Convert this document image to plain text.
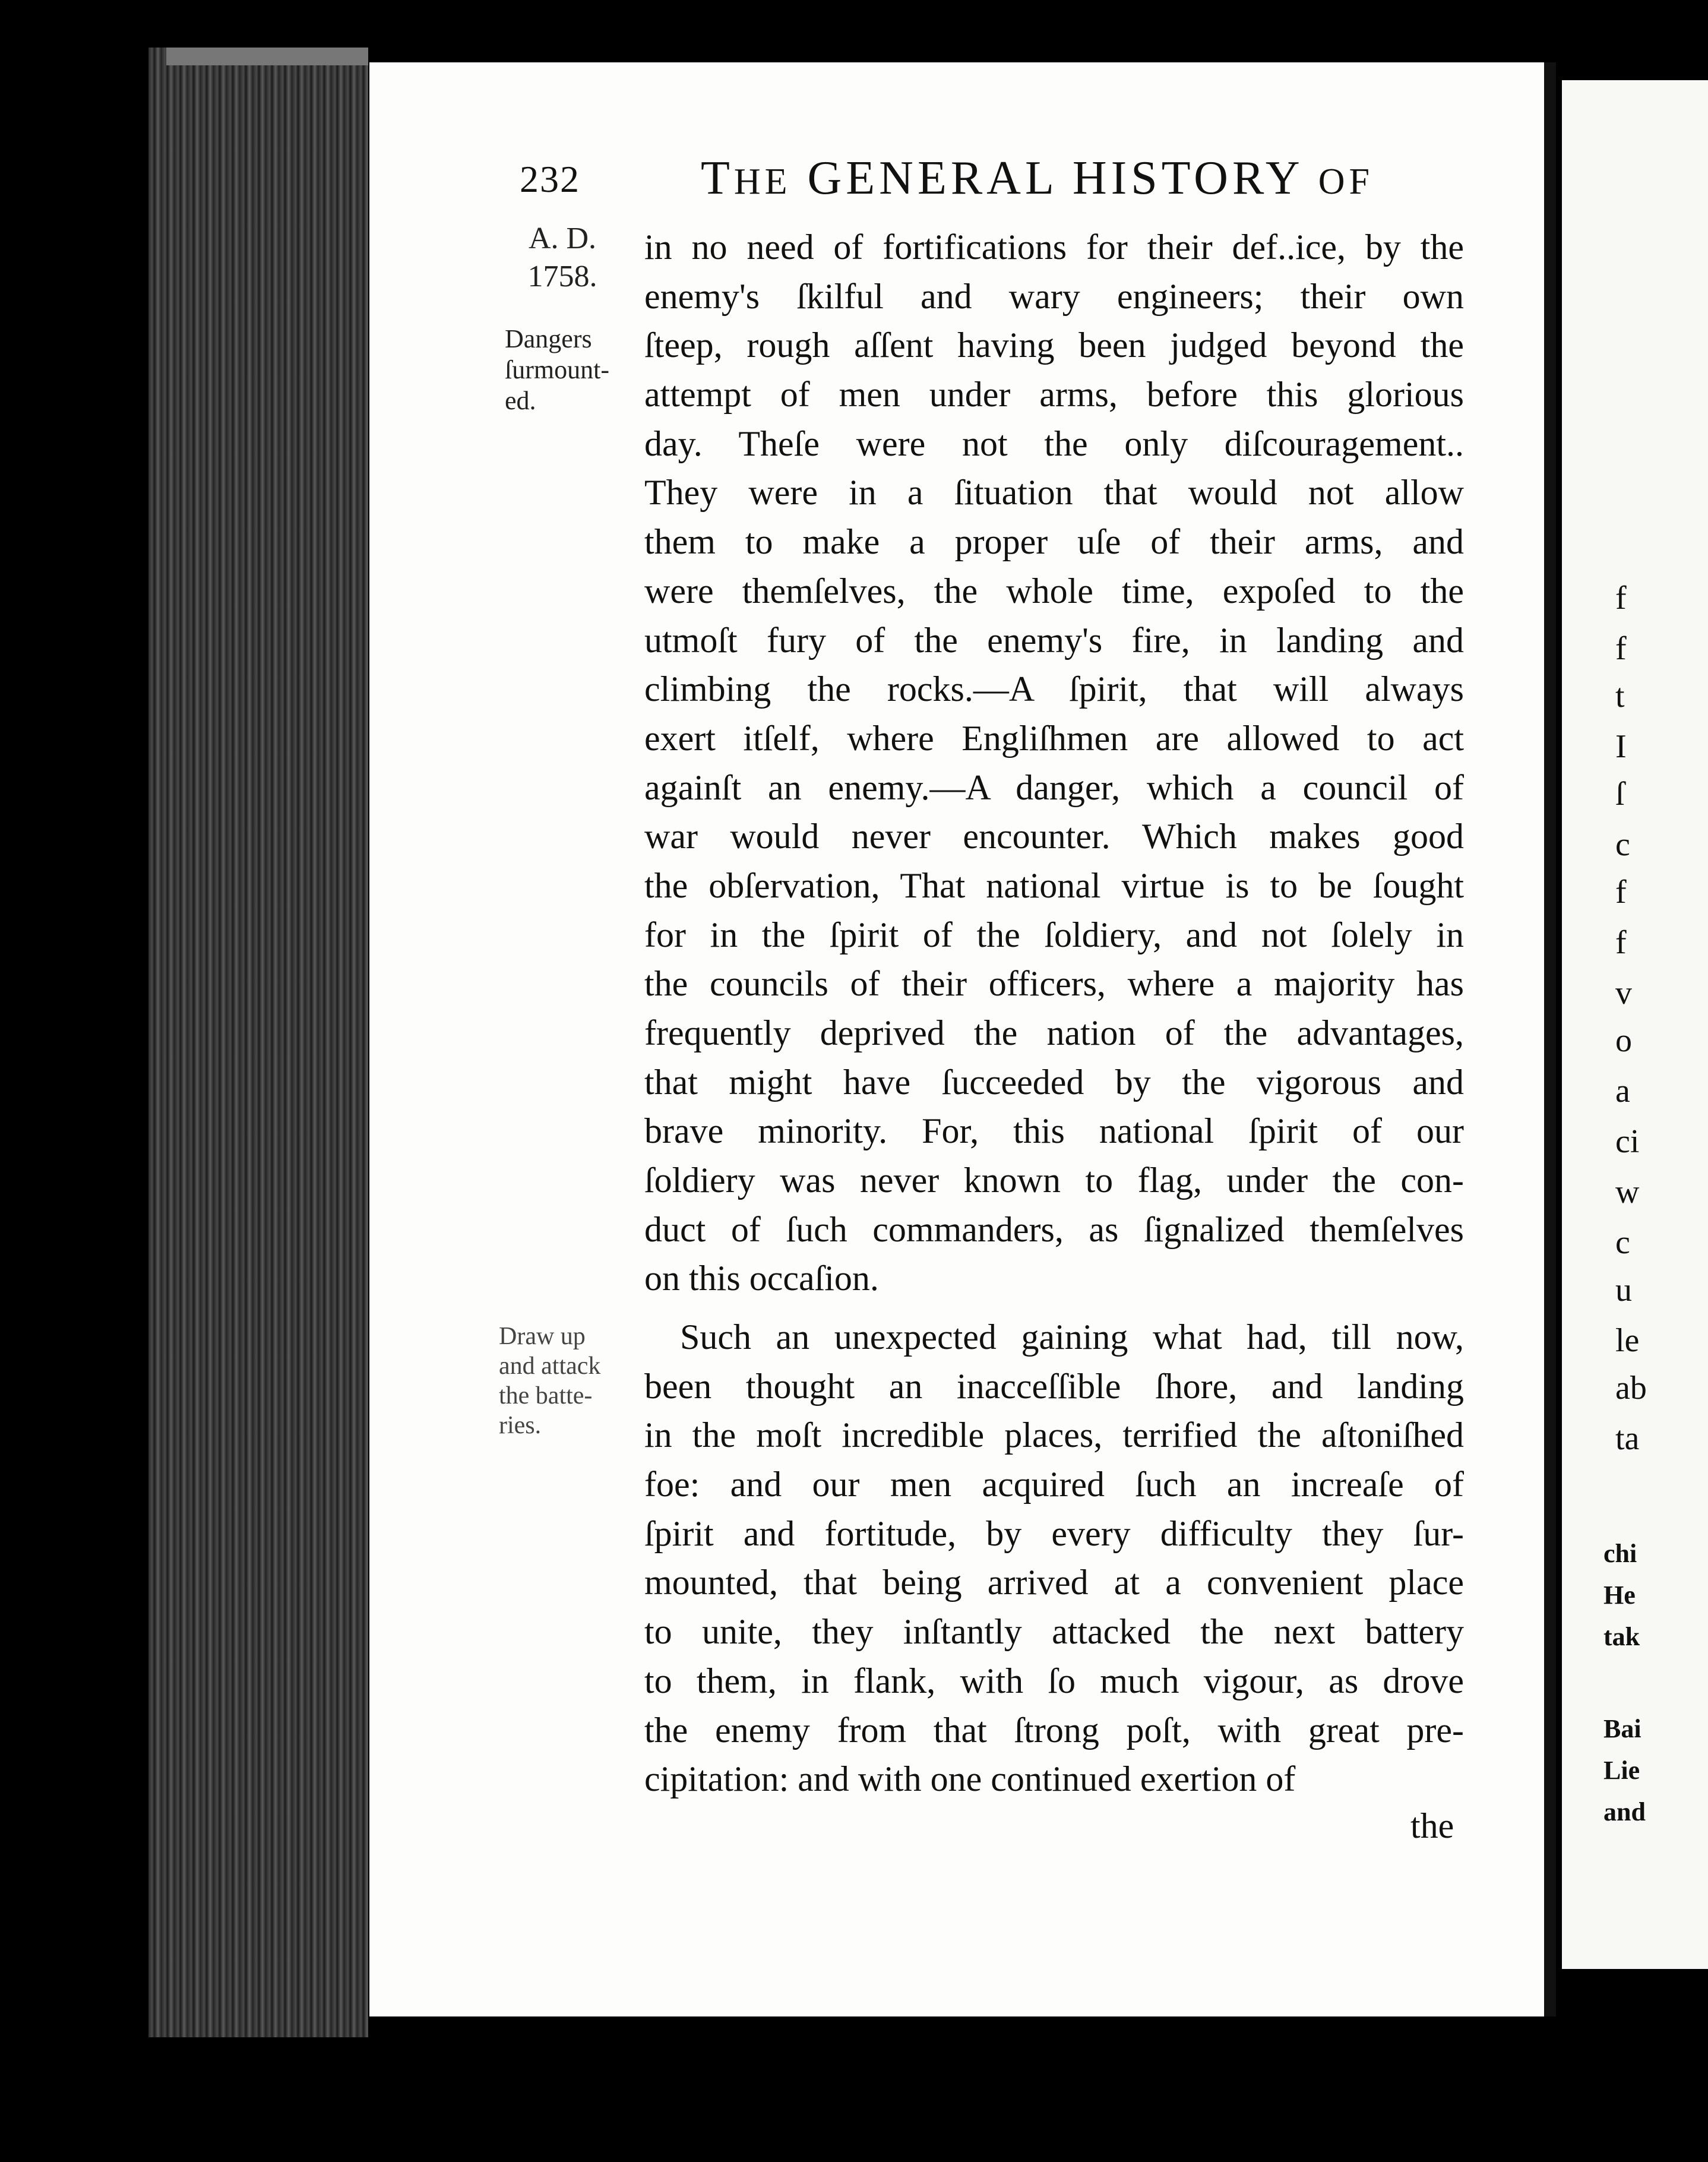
232	THE GENERAL HISTORY OF
A. D.
1758.
Dangers
ſurmount-
ed.
Draw up
and attack
the batte-
ries.
in no need of fortifications for their def..ice, by the
enemy's ſkilful and wary engineers; their own
ſteep, rough aſſent having been judged beyond the
attempt of men under arms, before this glorious
day. Theſe were not the only diſcouragement..
They were in a ſituation that would not allow
them to make a proper uſe of their arms, and
were themſelves, the whole time, expoſed to the
utmoſt fury of the enemy's fire, in landing and
climbing the rocks.—A ſpirit, that will always
exert itſelf, where Engliſhmen are allowed to act
againſt an enemy.—A danger, which a council of
war would never encounter. Which makes good
the obſervation, That national virtue is to be ſought
for in the ſpirit of the ſoldiery, and not ſolely in
the councils of their officers, where a majority has
frequently deprived the nation of the advantages,
that might have ſucceeded by the vigorous and
brave minority. For, this national ſpirit of our
ſoldiery was never known to flag, under the con-
duct of ſuch commanders, as ſignalized themſelves
on this occaſion.
Such an unexpected gaining what had, till now,
been thought an inacceſſible ſhore, and landing
in the moſt incredible places, terrified the aſtoniſhed
foe: and our men acquired ſuch an increaſe of
ſpirit and fortitude, by every difficulty they ſur-
mounted, that being arrived at a convenient place
to unite, they inſtantly attacked the next battery
to them, in flank, with ſo much vigour, as drove
the enemy from that ſtrong poſt, with great pre-
cipitation: and with one continued exertion of
the
f
f
t
I
ſ
c
f
f
v
o
a
ci
w
c
u
le
ab
ta
chi
He
tak
Bai
Lie
and
